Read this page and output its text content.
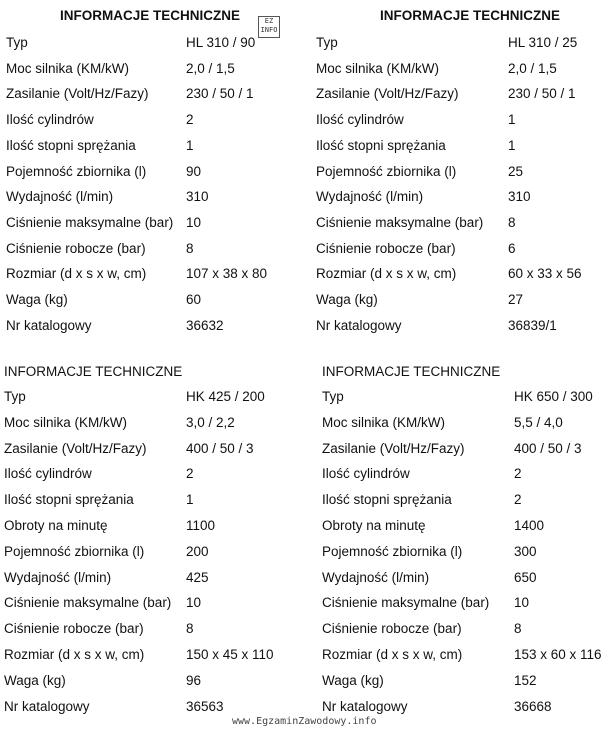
EZ INFO
INFORMACJE TECHNICZNE
Typ	HL 310 / 90
Moc silnika (KM/kW)	2,0 / 1,5
Zasilanie (Volt/Hz/Fazy)	230 / 50 / 1
Ilość cylindrów	2
Ilość stopni sprężania	1
Pojemność zbiornika (l)	90
Wydajność (l/min)	310
Ciśnienie maksymalne (bar) 10
Ciśnienie robocze (bar)	8
Rozmiar (d x s x w, cm)	107 x 38 x 80
Waga (kg)	60
Nr katalogowy	36632
INFORMACJE TECHNICZNE
Typ	HL 310 / 25
Moc silnika (KM/kW)	2,0 / 1,5
Zasilanie (Volt/Hz/Fazy)	230 / 50 / 1
Ilość cylindrów	1
Ilość stopni sprężania	1
Pojemność zbiornika (l)	25
Wydajność (l/min)	310
Ciśnienie maksymalne (bar) 8
Ciśnienie robocze (bar)	6
Rozmiar (d x s x w, cm)	60 x 33 x 56
Waga (kg)	27
Nr katalogowy	36839/1
INFORMACJE TECHNICZNE
Typ	HK 425 / 200
Moc silnika (KM/kW)	3,0 / 2,2
Zasilanie (Volt/Hz/Fazy)	400 / 50 / 3
Ilość cylindrów	2
Ilość stopni sprężania	1
Obroty na minutę	1100
Pojemność zbiornika (l)	200
Wydajność (l/min)	425
Ciśnienie maksymalne (bar) 10
Ciśnienie robocze (bar)	8
Rozmiar (d x s x w, cm)	150 x 45 x 110
Waga (kg)	96
Nr katalogowy	36563
INFORMACJE TECHNICZNE
Typ	HK 650 / 300
Moc silnika (KM/kW)	5,5 / 4,0
Zasilanie (Volt/Hz/Fazy)	400 / 50 / 3
Ilość cylindrów	2
Ilość stopni sprężania	2
Obroty na minutę	1400
Pojemność zbiornika (l)	300
Wydajność (l/min)	650
Ciśnienie maksymalne (bar) 10
Ciśnienie robocze (bar)	8
Rozmiar (d x s x w, cm)	153 x 60 x 116
Waga (kg)	152
Nr katalogowy	36668
www.EgzaminZawodowy.info
